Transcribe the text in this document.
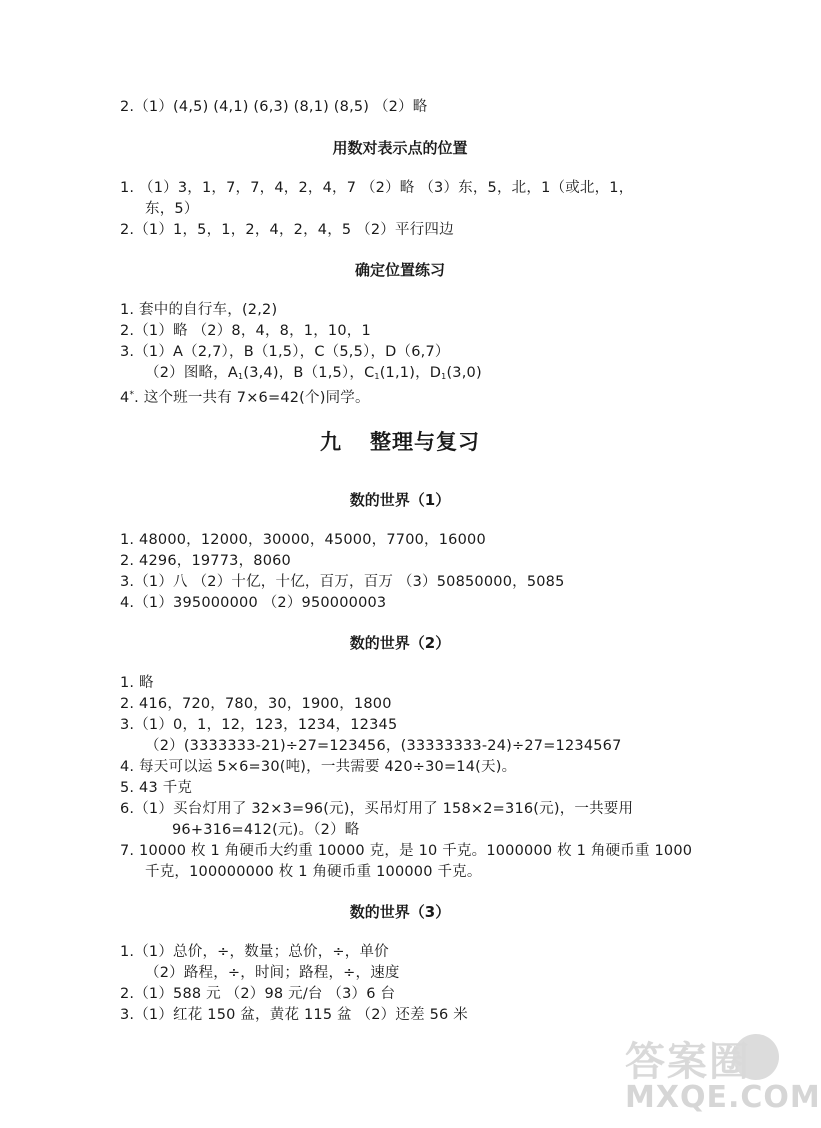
2.（1）(4,5) (4,1) (6,3) (8,1) (8,5) （2）略
用数对表示点的位置
1. （1）3，1，7，7，4，2，4，7 （2）略 （3）东，5，北，1（或北，1，
东，5）
2.（1）1，5，1，2，4，2，4，5 （2）平行四边
确定位置练习
1. 套中的自行车，(2,2)
2.（1）略 （2）8，4，8，1，10，1
3.（1）A（2,7），B（1,5），C（5,5），D（6,7）
（2）图略，$A_1(3,4)$，B（1,5），$C_1(1,1)$，$D_1(3,0)$
4*. 这个班一共有 7×6=42(个)同学。
九 整理与复习
数的世界（1）
1. 48000，12000，30000，45000，7700，16000
2. 4296，19773，8060
3.（1）八 （2）十亿，十亿，百万，百万 （3）50850000，5085
4.（1）395000000 （2）950000003
数的世界（2）
1. 略
2. 416，720，780，30，1900，1800
3.（1）0，1，12，123，1234，12345
（2）(3333333-21)÷27=123456，(33333333-24)÷27=1234567
4. 每天可以运 5×6=30(吨)，一共需要 420÷30=14(天)。
5. 43 千克
6.（1）买台灯用了 32×3=96(元)，买吊灯用了 158×2=316(元)，一共要用
96+316=412(元)。（2）略
7. 10000 枚 1 角硬币大约重 10000 克，是 10 千克。1000000 枚 1 角硬币重 1000
千克，100000000 枚 1 角硬币重 100000 千克。
数的世界（3）
1.（1）总价，÷，数量；总价，÷，单价
（2）路程，÷，时间；路程，÷，速度
2.（1）588 元 （2）98 元/台 （3）6 台
3.（1）红花 150 盆，黄花 115 盆 （2）还差 56 米
答案圈
MXQE.COM
